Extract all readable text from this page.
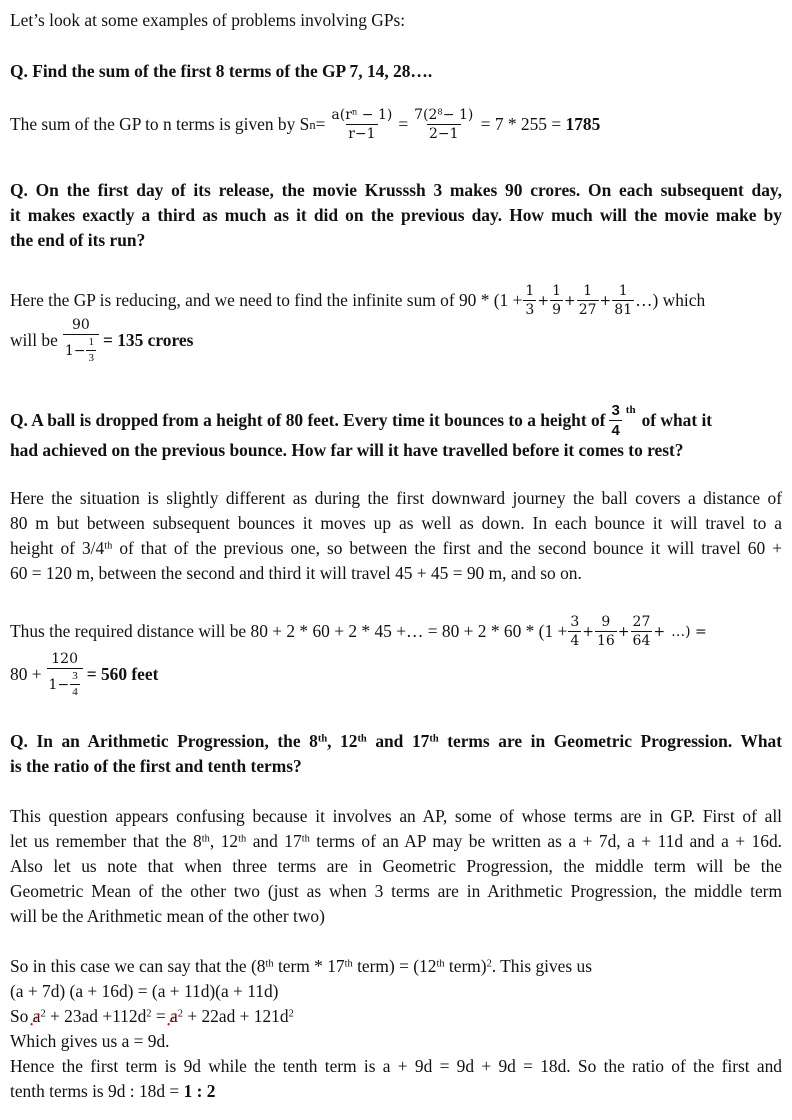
Let’s look at some examples of problems involving GPs:
Q. Find the sum of the first 8 terms of the GP 7, 14, 28….
The sum of the GP to n terms is given by S $n = \frac{a(r^n - 1)}{r-1} = \frac{7(2^8- 1)}{2-1} = 7 * 255 = 1785$
Q. On the first day of its release, the movie Krusssh 3 makes 90 crores. On each subsequent day,
it makes exactly a third as much as it did on the previous day. How much will the movie make by
the end of its run?
Here the GP is reducing, and we need to find the infinite sum of $90 * (1 + \frac{1}{3} + \frac{1}{9} + \frac{1}{27} + \frac{1}{81}$ …) which
will be $\frac{90}{1- \frac{1}{3}} = 135$ crores
Q. A ball is dropped from a height of 80 feet. Every time it bounces to a height of $\frac{3}{4}$ th of what it
had achieved on the previous bounce. How far will it have travelled before it comes to rest?
Here the situation is slightly different as during the first downward journey the ball covers a distance of
80 m but between subsequent bounces it moves up as well as down. In each bounce it will travel to a
height of 3/4th of that of the previous one, so between the first and the second bounce it will travel 60 +
60 = 120 m, between the second and third it will travel 45 + 45 = 90 m, and so on.
Thus the required distance will be 80 + 2 * 60 + 2 * 45 +… = $80 + 2 * 60 * (1 + \frac{3}{4} + \frac{9}{16} + \frac{27}{64}$ + …) =
$80 + \frac{120}{1- \frac{3}{4}} = 560$ feet
Q. In an Arithmetic Progression, the 8th, 12th and 17th terms are in Geometric Progression. What
is the ratio of the first and tenth terms?
This question appears confusing because it involves an AP, some of whose terms are in GP. First of all
let us remember that the 8th, 12th and 17th terms of an AP may be written as a + 7d, a + 11d and a + 16d.
Also let us note that when three terms are in Geometric Progression, the middle term will be the
Geometric Mean of the other two (just as when 3 terms are in Arithmetic Progression, the middle term
will be the Arithmetic mean of the other two)
So in this case we can say that the (8th term * 17th term) = (12th term)$^2$. This gives us
(a + 7d) (a + 16d) = (a + 11d)(a + 11d)
So $a^2 + 23ad +112d^2 = a^2 + 22ad + 121d^2$
Which gives us a = 9d.
Hence the first term is 9d while the tenth term is a + 9d = 9d + 9d = 18d. So the ratio of the first and
tenth terms is 9d : 18d = 1 : 2
